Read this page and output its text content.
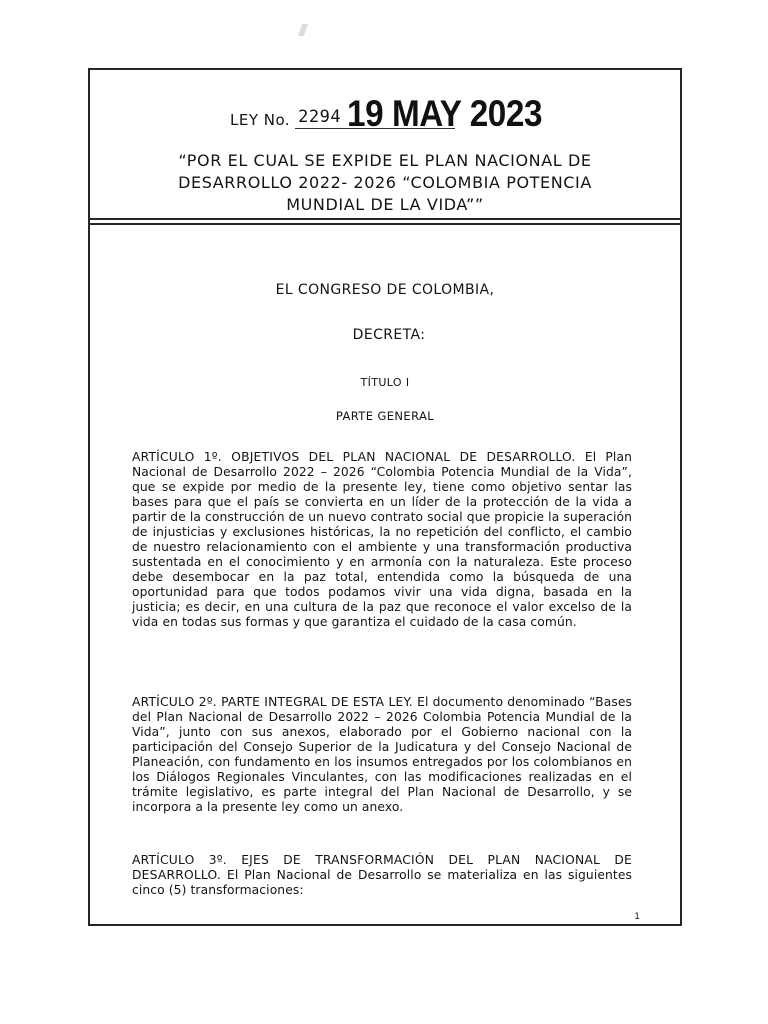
LEY No. 2294 19 MAY 2023
“POR EL CUAL SE EXPIDE EL PLAN NACIONAL DE
DESARROLLO 2022- 2026 “COLOMBIA POTENCIA
MUNDIAL DE LA VIDA””
EL CONGRESO DE COLOMBIA,
DECRETA:
TÍTULO I
PARTE GENERAL
ARTÍCULO 1º. OBJETIVOS DEL PLAN NACIONAL DE DESARROLLO. El Plan Nacional de Desarrollo 2022 – 2026 “Colombia Potencia Mundial de la Vida”, que se expide por medio de la presente ley, tiene como objetivo sentar las bases para que el país se convierta en un líder de la protección de la vida a partir de la construcción de un nuevo contrato social que propicie la superación de injusticias y exclusiones históricas, la no repetición del conflicto, el cambio de nuestro relacionamiento con el ambiente y una transformación productiva sustentada en el conocimiento y en armonía con la naturaleza. Este proceso debe desembocar en la paz total, entendida como la búsqueda de una oportunidad para que todos podamos vivir una vida digna, basada en la justicia; es decir, en una cultura de la paz que reconoce el valor excelso de la vida en todas sus formas y que garantiza el cuidado de la casa común.
ARTÍCULO 2º. PARTE INTEGRAL DE ESTA LEY. El documento denominado “Bases del Plan Nacional de Desarrollo 2022 – 2026 Colombia Potencia Mundial de la Vida”, junto con sus anexos, elaborado por el Gobierno nacional con la participación del Consejo Superior de la Judicatura y del Consejo Nacional de Planeación, con fundamento en los insumos entregados por los colombianos en los Diálogos Regionales Vinculantes, con las modificaciones realizadas en el trámite legislativo, es parte integral del Plan Nacional de Desarrollo, y se incorpora a la presente ley como un anexo.
ARTÍCULO 3º. EJES DE TRANSFORMACIÓN DEL PLAN NACIONAL DE DESARROLLO. El Plan Nacional de Desarrollo se materializa en las siguientes cinco (5) transformaciones:
1
